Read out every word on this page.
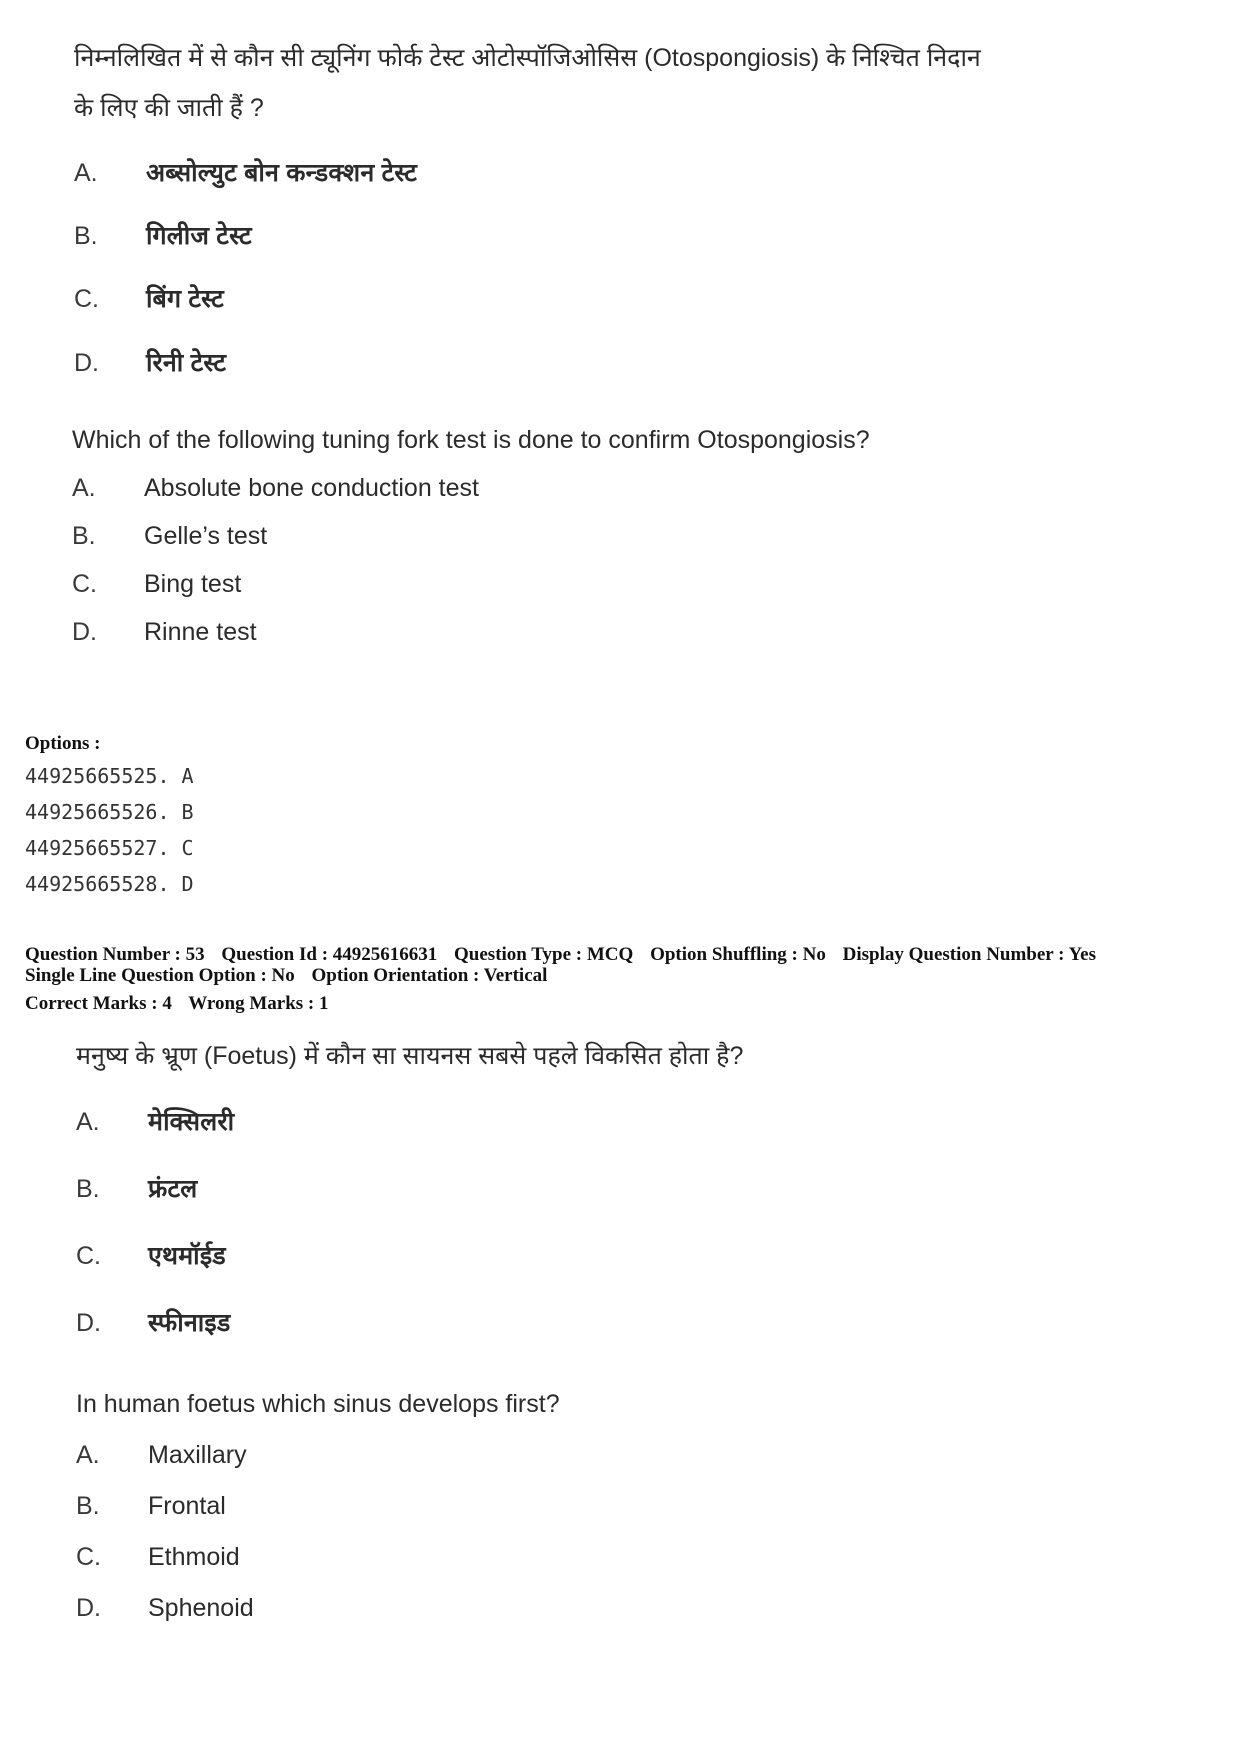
निम्नलिखित में से कौन सी ट्यूनिंग फोर्क टेस्ट ओटोस्पॉजिओसिस (Otospongiosis) के निश्चित निदान
के लिए की जाती हैं ?
A. अब्सोल्युट बोन कन्डक्शन टेस्ट
B. गिलीज टेस्ट
C. बिंग टेस्ट
D. रिनी टेस्ट
Which of the following tuning fork test is done to confirm Otospongiosis?
A. Absolute bone conduction test
B. Gelle’s test
C. Bing test
D. Rinne test
Options :
44925665525. A
44925665526. B
44925665527. C
44925665528. D
Question Number : 53 Question Id : 44925616631 Question Type : MCQ Option Shuffling : No Display Question Number : Yes
Single Line Question Option : No Option Orientation : Vertical
Correct Marks : 4 Wrong Marks : 1
मनुष्य के भ्रूण (Foetus) में कौन सा सायनस सबसे पहले विकसित होता है?
A. मेक्सिलरी
B. फ्रंटल
C. एथमॉईड
D. स्फीनाइड
In human foetus which sinus develops first?
A. Maxillary
B. Frontal
C. Ethmoid
D. Sphenoid
